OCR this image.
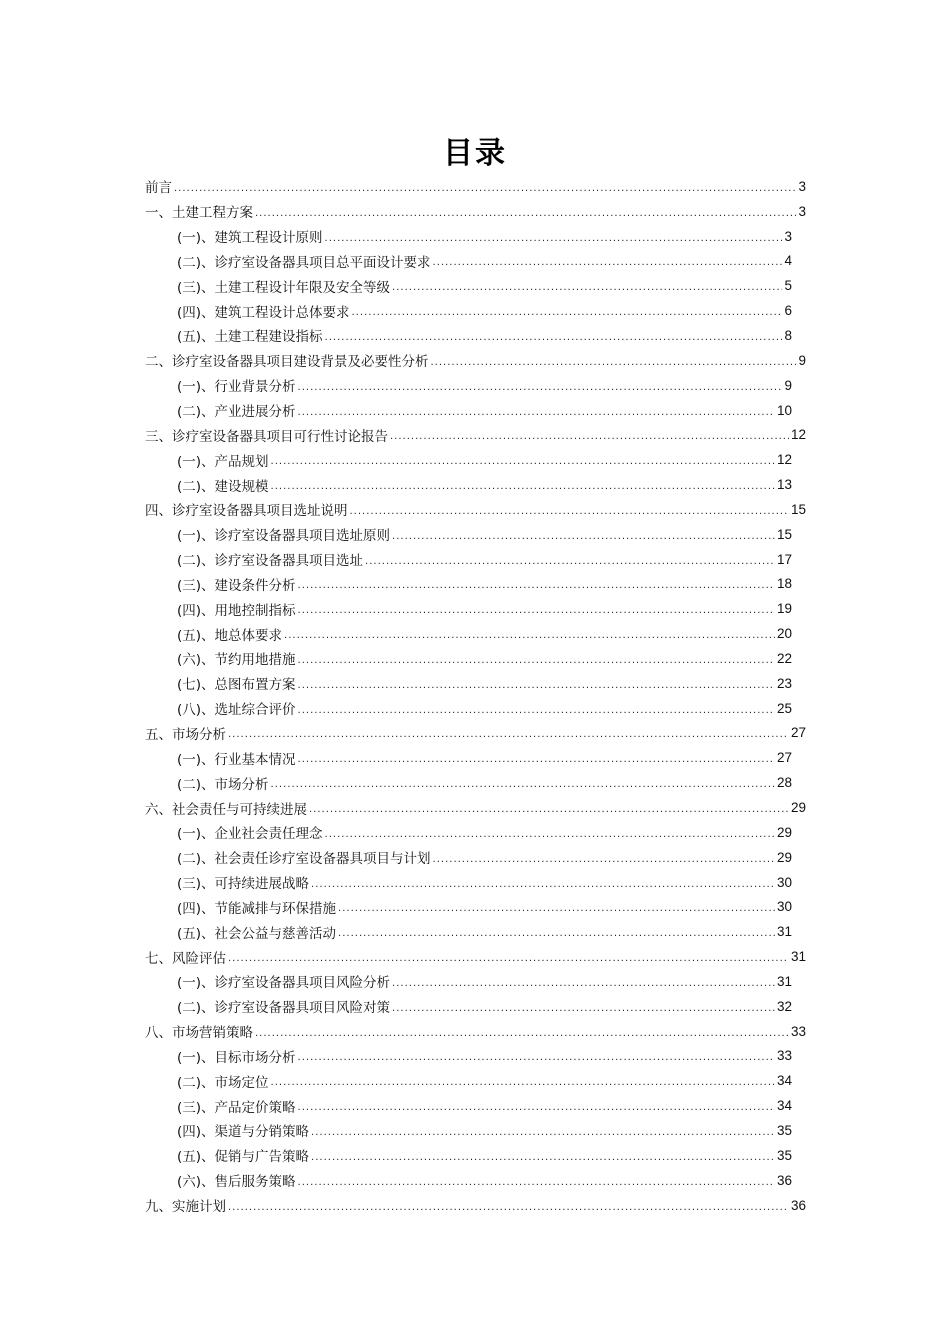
目录
前言 .....	3
一、土建工程方案 .....	3
(一)、建筑工程设计原则 .....	3
(二)、诊疗室设备器具项目总平面设计要求 .....	4
(三)、土建工程设计年限及安全等级 .....	5
(四)、建筑工程设计总体要求 .....	6
(五)、土建工程建设指标 .....	8
二、诊疗室设备器具项目建设背景及必要性分析 .....	9
(一)、行业背景分析 .....	9
(二)、产业进展分析 .....	10
三、诊疗室设备器具项目可行性讨论报告 .....	12
(一)、产品规划 .....	12
(二)、建设规模 .....	13
四、诊疗室设备器具项目选址说明 .....	15
(一)、诊疗室设备器具项目选址原则 .....	15
(二)、诊疗室设备器具项目选址 .....	17
(三)、建设条件分析 .....	18
(四)、用地控制指标 .....	19
(五)、地总体要求 .....	20
(六)、节约用地措施 .....	22
(七)、总图布置方案 .....	23
(八)、选址综合评价 .....	25
五、市场分析 .....	27
(一)、行业基本情况 .....	27
(二)、市场分析 .....	28
六、社会责任与可持续进展 .....	29
(一)、企业社会责任理念 .....	29
(二)、社会责任诊疗室设备器具项目与计划 .....	29
(三)、可持续进展战略 .....	30
(四)、节能减排与环保措施 .....	30
(五)、社会公益与慈善活动 .....	31
七、风险评估 .....	31
(一)、诊疗室设备器具项目风险分析 .....	31
(二)、诊疗室设备器具项目风险对策 .....	32
八、市场营销策略 .....	33
(一)、目标市场分析 .....	33
(二)、市场定位 .....	34
(三)、产品定价策略 .....	34
(四)、渠道与分销策略 .....	35
(五)、促销与广告策略 .....	35
(六)、售后服务策略 .....	36
九、实施计划 .....	36
